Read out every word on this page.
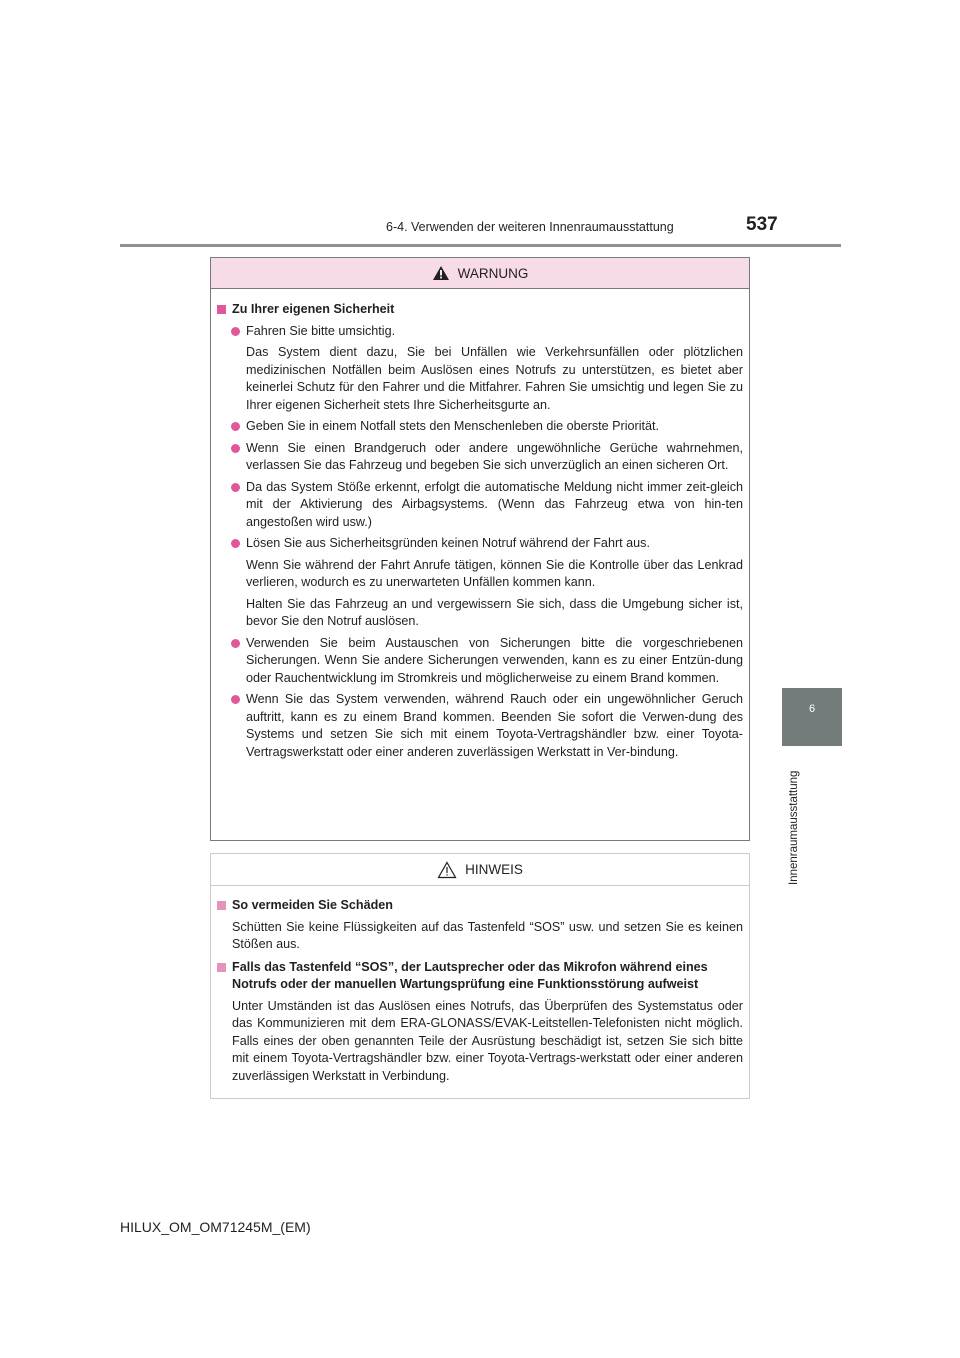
6-4. Verwenden der weiteren Innenraumausstattung	537
6
Innenraumausstattung
WARNUNG
Zu Ihrer eigenen Sicherheit
Fahren Sie bitte umsichtig.
Das System dient dazu, Sie bei Unfällen wie Verkehrsunfällen oder plötzlichen medizinischen Notfällen beim Auslösen eines Notrufs zu unterstützen, es bietet aber keinerlei Schutz für den Fahrer und die Mitfahrer. Fahren Sie umsichtig und legen Sie zu Ihrer eigenen Sicherheit stets Ihre Sicherheitsgurte an.
Geben Sie in einem Notfall stets den Menschenleben die oberste Priorität.
Wenn Sie einen Brandgeruch oder andere ungewöhnliche Gerüche wahrnehmen, verlassen Sie das Fahrzeug und begeben Sie sich unverzüglich an einen sicheren Ort.
Da das System Stöße erkennt, erfolgt die automatische Meldung nicht immer zeit-gleich mit der Aktivierung des Airbagsystems. (Wenn das Fahrzeug etwa von hin-ten angestoßen wird usw.)
Lösen Sie aus Sicherheitsgründen keinen Notruf während der Fahrt aus.
Wenn Sie während der Fahrt Anrufe tätigen, können Sie die Kontrolle über das Lenkrad verlieren, wodurch es zu unerwarteten Unfällen kommen kann.
Halten Sie das Fahrzeug an und vergewissern Sie sich, dass die Umgebung sicher ist, bevor Sie den Notruf auslösen.
Verwenden Sie beim Austauschen von Sicherungen bitte die vorgeschriebenen Sicherungen. Wenn Sie andere Sicherungen verwenden, kann es zu einer Entzün-dung oder Rauchentwicklung im Stromkreis und möglicherweise zu einem Brand kommen.
Wenn Sie das System verwenden, während Rauch oder ein ungewöhnlicher Geruch auftritt, kann es zu einem Brand kommen. Beenden Sie sofort die Verwen-dung des Systems und setzen Sie sich mit einem Toyota-Vertragshändler bzw. einer Toyota-Vertragswerkstatt oder einer anderen zuverlässigen Werkstatt in Ver-bindung.
HINWEIS
So vermeiden Sie Schäden
Schütten Sie keine Flüssigkeiten auf das Tastenfeld “SOS” usw. und setzen Sie es keinen Stößen aus.
Falls das Tastenfeld “SOS”, der Lautsprecher oder das Mikrofon während eines Notrufs oder der manuellen Wartungsprüfung eine Funktionsstörung aufweist
Unter Umständen ist das Auslösen eines Notrufs, das Überprüfen des Systemstatus oder das Kommunizieren mit dem ERA-GLONASS/EVAK-Leitstellen-Telefonisten nicht möglich. Falls eines der oben genannten Teile der Ausrüstung beschädigt ist, setzen Sie sich bitte mit einem Toyota-Vertragshändler bzw. einer Toyota-Vertrags-werkstatt oder einer anderen zuverlässigen Werkstatt in Verbindung.
HILUX_OM_OM71245M_(EM)
